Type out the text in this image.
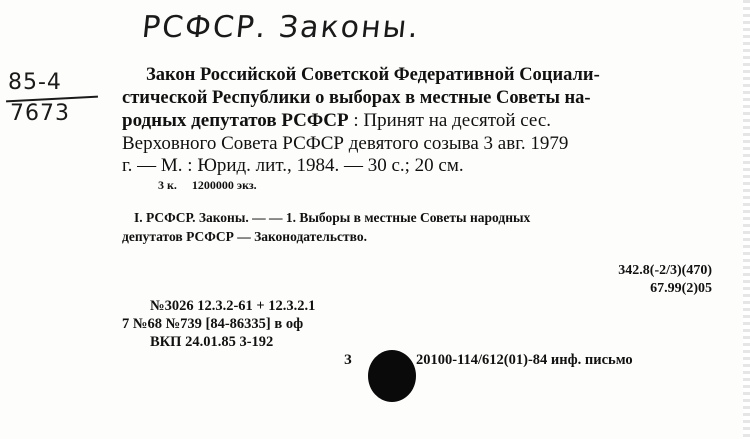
РСФСР. Законы.
85-4
7673
Закон Российской Советской Федеративной Социали-
стической Республики о выборах в местные Советы на-
родных депутатов РСФСР : Принят на десятой сес.
Верховного Совета РСФСР девятого созыва 3 авг. 1979
г. — М. : Юрид. лит., 1984. — 30 с.; 20 см.
3 к.     1200000 экз.
I. РСФСР. Законы. — — 1. Выборы в местные Советы народных
депутатов РСФСР — Законодательство.
342.8(-2/3)(470)
67.99(2)05
№3026 12.3.2-61 + 12.3.2.1
7 №68 №739 [84-86335] в оф
ВКП 24.01.85 3-192
З	20100-114/612(01)-84 инф. письмо
